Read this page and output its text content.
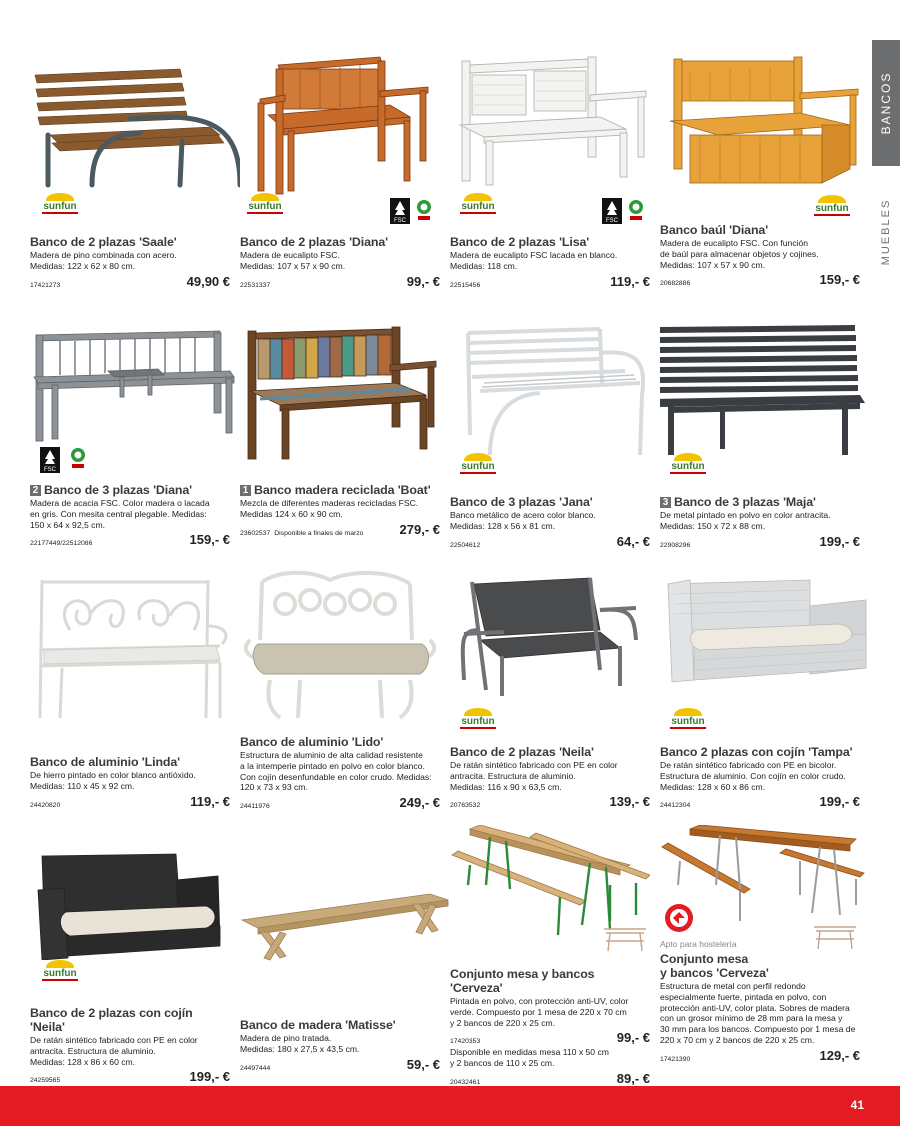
BANCOS
MUEBLES
sunfun
Banco de 2 plazas 'Saale'
Madera de pino combinada con acero.
Medidas: 122 x 62 x 80 cm.
17421273	49,90 €
sunfun
FSC
Banco de 2 plazas 'Diana'
Madera de eucalipto FSC.
Medidas: 107 x 57 x 90 cm.
22531337	99,- €
sunfun
FSC
Banco de 2 plazas 'Lisa'
Madera de eucalipto FSC lacada en blanco.
Medidas: 118 cm.
22515456	119,- €
sunfun
Banco baúl 'Diana'
Madera de eucalipto FSC. Con función
de baúl para almacenar objetos y cojines.
Medidas: 107 x 57 x 90 cm.
20682886	159,- €
FSC
2 Banco de 3 plazas 'Diana'
Madera de acacia FSC. Color madera o lacada
en gris. Con mesita central plegable. Medidas:
150 x 64 x 92,5 cm.
22177449/22512086	159,- €
1 Banco madera reciclada 'Boat'
Mezcla de diferentes maderas recicladas FSC.
Medidas 124 x 60 x 90 cm.
23602537 Disponible a finales de marzo	279,- €
sunfun
Banco de 3 plazas 'Jana'
Banco metálico de acero color blanco.
Medidas: 128 x 56 x 81 cm.
22504612	64,- €
sunfun
3 Banco de 3 plazas 'Maja'
De metal pintado en polvo en color antracita.
Medidas: 150 x 72 x 88 cm.
22908296	199,- €
Banco de aluminio 'Linda'
De hierro pintado en color blanco antióxido.
Medidas: 110 x 45 x 92 cm.
24420820	119,- €
Banco de aluminio 'Lido'
Estructura de aluminio de alta calidad resistente
a la intemperie pintado en polvo en color blanco.
Con cojín desenfundable en color crudo. Medidas:
120 x 73 x 93 cm.
24411976	249,- €
sunfun
Banco de 2 plazas 'Neila'
De ratán sintético fabricado con PE en color
antracita. Estructura de aluminio.
Medidas: 116 x 90 x 63,5 cm.
20763532	139,- €
sunfun
Banco 2 plazas con cojín 'Tampa'
De ratán sintético fabricado con PE en bicolor.
Estructura de aluminio. Con cojín en color crudo.
Medidas: 128 x 60 x 86 cm.
24412304	199,- €
sunfun
Banco de 2 plazas con cojín 'Neila'
De ratán sintético fabricado con PE en color
antracita. Estructura de aluminio.
Medidas: 128 x 86 x 60 cm.
24259565	199,- €
Banco de madera 'Matisse'
Madera de pino tratada.
Medidas: 180 x 27,5 x 43,5 cm.
24497444	59,- €
Conjunto mesa y bancos 'Cerveza'
Pintada en polvo, con protección anti-UV, color
verde. Compuesto por 1 mesa de 220 x 70 cm
y 2 bancos de 220 x 25 cm.
17420353	99,- €
Disponible en medidas mesa 110 x 50 cm
y 2 bancos de 110 x 25 cm.
20432461	89,- €
Apto para hostelería
Conjunto mesa
y bancos 'Cerveza'
Estructura de metal con perfil redondo
especialmente fuerte, pintada en polvo, con
protección anti-UV, color plata. Sobres de madera
con un grosor mínimo de 28 mm para la mesa y
30 mm para los bancos. Compuesto por 1 mesa de
220 x 70 cm y 2 bancos de 220 x 25 cm.
17421390	129,- €
41
